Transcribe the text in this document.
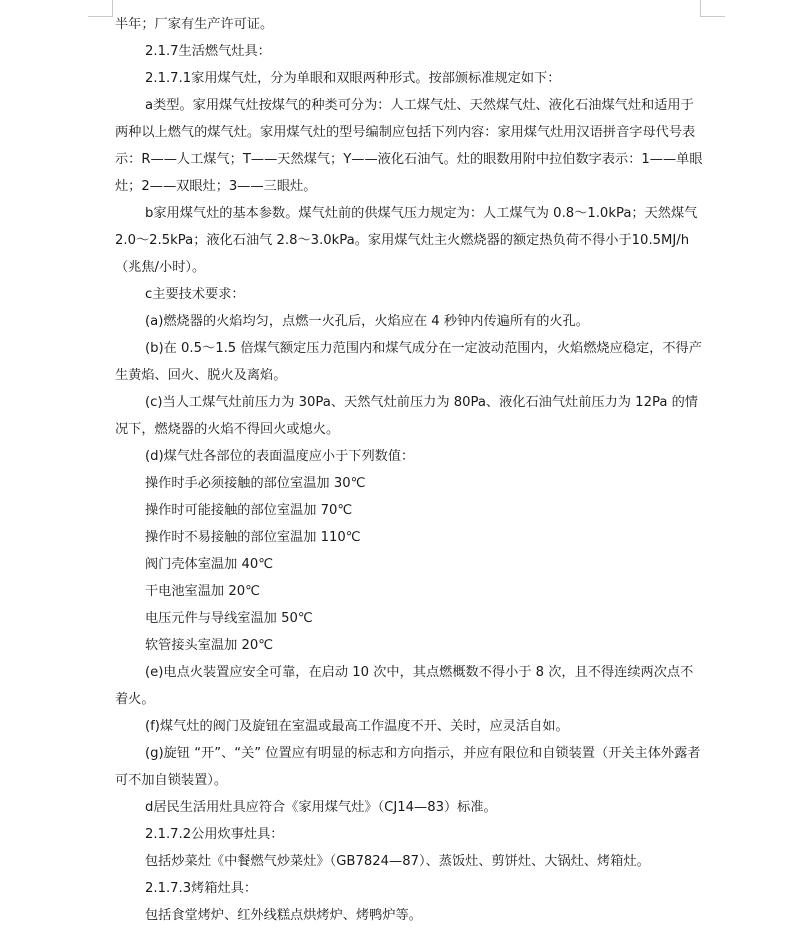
半年；厂家有生产许可证。

2.1.7生活燃气灶具：

2.1.7.1家用煤气灶，分为单眼和双眼两种形式。按部颁标准规定如下：

a类型。家用煤气灶按煤气的种类可分为：人工煤气灶、天然煤气灶、液化石油煤气灶和适用于两种以上燃气的煤气灶。家用煤气灶的型号编制应包括下列内容：家用煤气灶用汉语拼音字母代号表示：R——人工煤气；T——天然煤气；Y——液化石油气。灶的眼数用附中拉伯数字表示：1——单眼灶；2——双眼灶；3——三眼灶。

b家用煤气灶的基本参数。煤气灶前的供煤气压力规定为：人工煤气为 0.8～1.0kPa；天然煤气 2.0～2.5kPa；液化石油气 2.8～3.0kPa。家用煤气灶主火燃烧器的额定热负荷不得小于10.5MJ/h（兆焦/小时）。

c主要技术要求：

(a)燃烧器的火焰均匀，点燃一火孔后，火焰应在 4 秒钟内传遍所有的火孔。

(b)在 0.5～1.5 倍煤气额定压力范围内和煤气成分在一定波动范围内，火焰燃烧应稳定，不得产生黄焰、回火、脱火及离焰。

(c)当人工煤气灶前压力为 30Pa、天然气灶前压力为 80Pa、液化石油气灶前压力为 12Pa 的情况下，燃烧器的火焰不得回火或熄火。

(d)煤气灶各部位的表面温度应小于下列数值：

操作时手必须接触的部位室温加 30℃

操作时可能接触的部位室温加 70℃

操作时不易接触的部位室温加 110℃

阀门壳体室温加 40℃

干电池室温加 20℃

电压元件与导线室温加 50℃

软管接头室温加 20℃

(e)电点火装置应安全可靠，在启动 10 次中，其点燃概数不得小于 8 次，且不得连续两次点不着火。

(f)煤气灶的阀门及旋钮在室温或最高工作温度不开、关时，应灵活自如。

(g)旋钮 “开”、“关” 位置应有明显的标志和方向指示，并应有限位和自锁装置（开关主体外露者可不加自锁装置）。

d居民生活用灶具应符合《家用煤气灶》（CJ14—83）标准。

2.1.7.2公用炊事灶具：

包括炒菜灶《中餐燃气炒菜灶》（GB7824—87）、蒸饭灶、剪饼灶、大锅灶、烤箱灶。

2.1.7.3烤箱灶具：

包括食堂烤炉、红外线糕点烘烤炉、烤鸭炉等。
